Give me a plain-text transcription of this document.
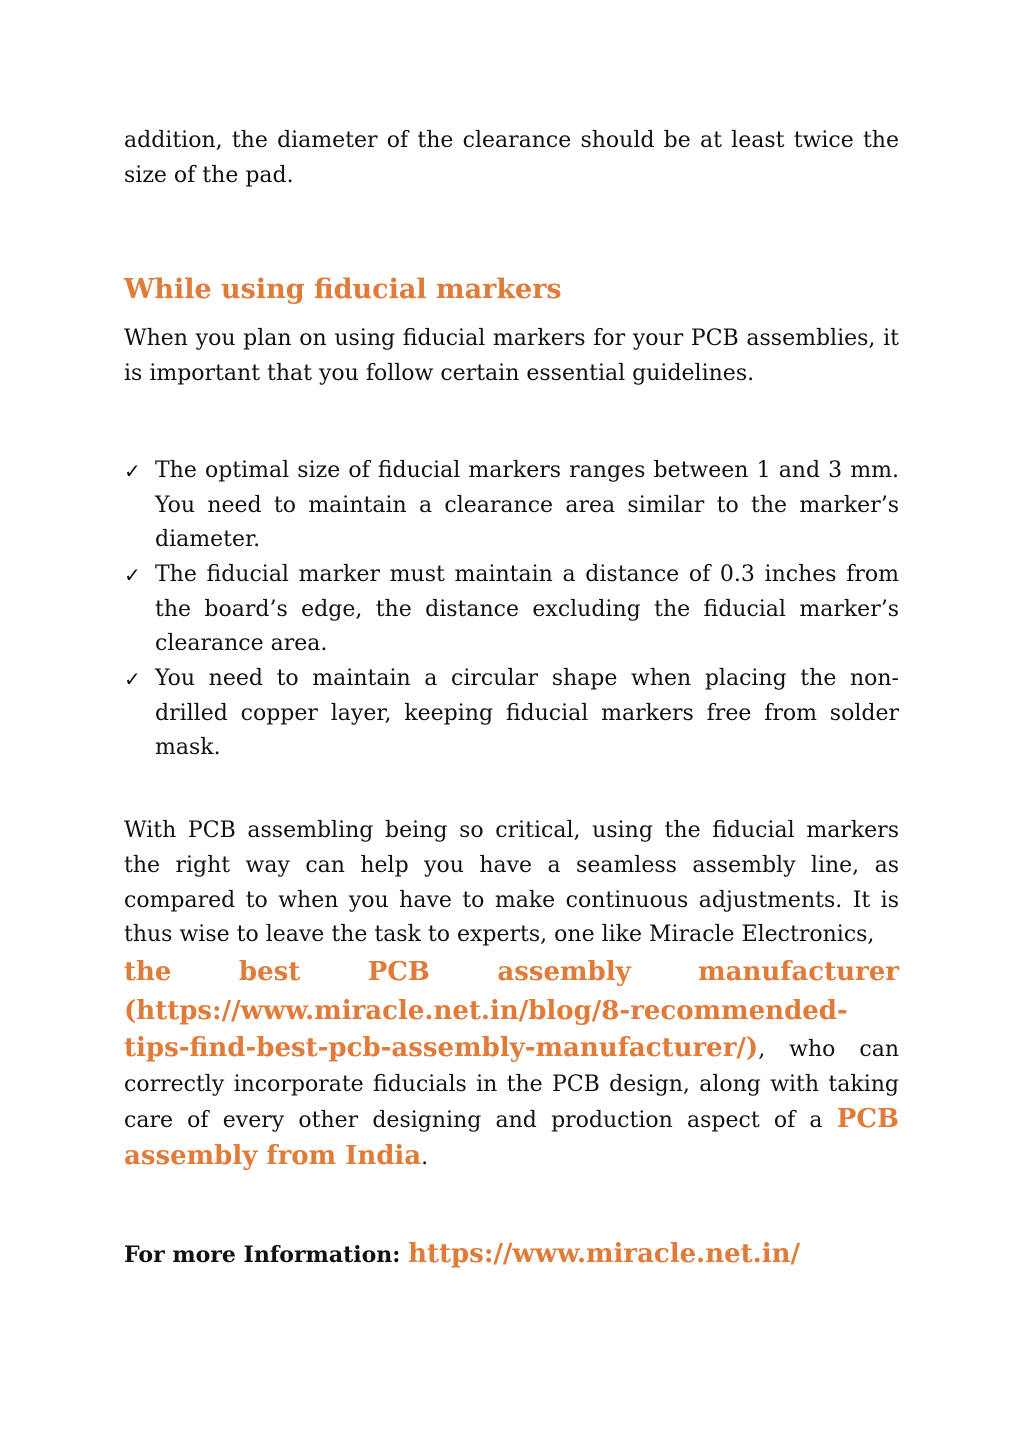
addition, the diameter of the clearance should be at least twice the size of the pad.

While using fiducial markers

When you plan on using fiducial markers for your PCB assemblies, it is important that you follow certain essential guidelines.

✓ The optimal size of fiducial markers ranges between 1 and 3 mm. You need to maintain a clearance area similar to the marker’s diameter.
✓ The fiducial marker must maintain a distance of 0.3 inches from the board’s edge, the distance excluding the fiducial marker’s clearance area.
✓ You need to maintain a circular shape when placing the non-drilled copper layer, keeping fiducial markers free from solder mask.

With PCB assembling being so critical, using the fiducial markers the right way can help you have a seamless assembly line, as compared to when you have to make continuous adjustments. It is thus wise to leave the task to experts, one like Miracle Electronics,

the	best	PCB	assembly	manufacturer
(https://www.miracle.net.in/blog/8-recommended-

tips-find-best-pcb-assembly-manufacturer/), who can correctly incorporate fiducials in the PCB design, along with taking care of every other designing and production aspect of a PCB assembly from India.

For more Information: https://www.miracle.net.in/
